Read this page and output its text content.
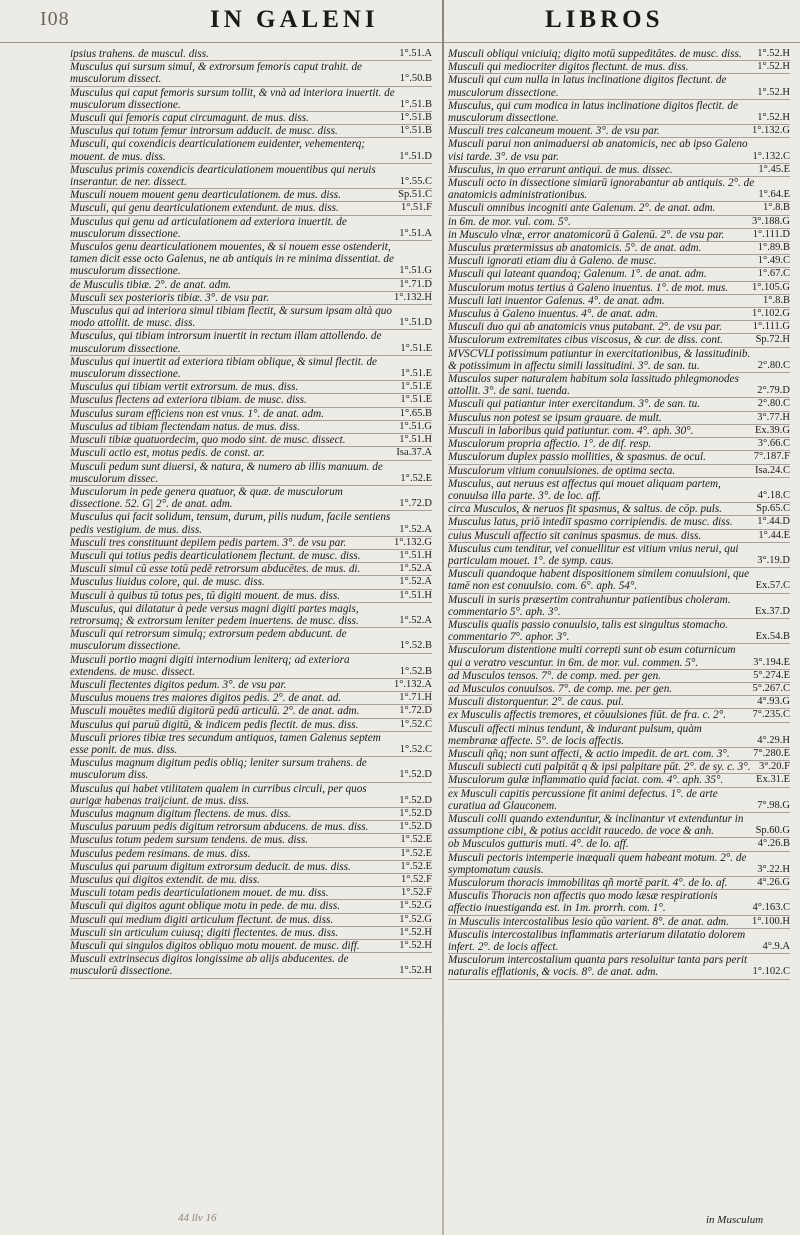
I08	IN GALENI	LIBROS
ipsius trahens. de muscul. diss.	1°.51.A
Musculus qui sursum simul, & extrorsum femoris caput trahit. de musculorum dissect.	1°.50.B
Musculus qui caput femoris sursum tollit, & vnà ad interiora inuertit. de musculorum dissectione.	1°.51.B
Musculi qui femoris caput circumagunt. de mus. diss.	1°.51.B
Musculus qui totum femur introrsum adducit. de musc. diss.	1°.51.B
Musculi, qui coxendicis dearticulationem euidenter, vehementerq; mouent. de mus. diss.	1°.51.D
Musculus primis coxendicis dearticulationem mouentibus qui neruis inserantur. de ner. dissect.	1°.55.C
Musculi nouem mouent genu dearticulationem. de mus. diss.	Sp.51.C
Musculi, qui genu dearticulationem extendunt. de mus. diss.	1°.51.F
Musculus qui genu ad articulationem ad exteriora inuertit. de musculorum dissectione.	1°.51.A
Musculos genu dearticulationem mouentes, & si nouem esse ostenderit, tamen dicit esse octo Galenus, ne ab antiquis in re minima dissentiat. de musculorum dissectione.	1°.51.G
de Musculis tibiæ. 2°. de anat. adm.	1°.71.D
Musculi sex posterioris tibiæ. 3°. de vsu par.	1°.132.H
Musculus qui ad interiora simul tibiam flectit, & sursum ipsam altà quo modo attollit. de musc. diss.	1°.51.D
Musculus, qui tibiam introrsum inuertit in rectum illam attollendo. de musculorum dissectione.	1°.51.E
Musculus qui inuertit ad exteriora tibiam oblique, & simul flectit. de musculorum dissectione.	1°.51.E
Musculus qui tibiam vertit extrorsum. de mus. diss.	1°.51.E
Musculus flectens ad exteriora tibiam. de musc. diss.	1°.51.E
Musculus suram efficiens non est vnus. 1°. de anat. adm.	1°.65.B
Musculus ad tibiam flectendam natus. de mus. diss.	1°.51.G
Musculi tibiæ quatuordecim, quo modo sint. de musc. dissect.	1°.51.H
Musculi actio est, motus pedis. de const. ar.	Isa.37.A
Musculi pedum sunt diuersi, & natura, & numero ab illis manuum. de musculorum dissec.	1°.52.E
Musculorum in pede genera quatuor, & quæ. de musculorum dissectione. 52. G| 2°. de anat. adm.	1°.72.D
Musculus qui facit solidum, tensum, durum, pilis nudum, facile sentiens pedis vestigium. de mus. diss.	1°.52.A
Musculi tres constituunt depilem pedis partem. 3°. de vsu par.	1°.132.G
Musculi qui totius pedis dearticulationem flectunt. de musc. diss.	1°.51.H
Musculi simul cū esse totū pedē retrorsum abducētes. de mus. di.	1°.52.A
Musculus liuidus colore, qui. de musc. diss.	1°.52.A
Musculi à quibus tū totus pes, tū digiti mouent. de mus. diss.	1°.51.H
Musculus, qui dilatatur à pede versus magni digiti partes magis, retrorsumq; & extrorsum leniter pedem inuertens. de musc. diss.	1°.52.A
Musculi qui retrorsum simulq; extrorsum pedem abducunt. de musculorum dissectione.	1°.52.B
Musculi portio magni digiti internodium leniterq; ad exteriora extendens. de musc. dissect.	1°.52.B
Musculi flectentes digitos pedum. 3°. de vsu par.	1°.132.A
Musculus mouens tres maiores digitos pedis. 2°. de anat. ad.	1°.71.H
Musculi mouētes mediū digitorū pedū articulū. 2°. de anat. adm.	1°.72.D
Musculus qui paruū digitū, & indicem pedis flectit. de mus. diss.	1°.52.C
Musculi priores tibiæ tres secundum antiquos, tamen Galenus septem esse ponit. de mus. diss.	1°.52.C
Musculus magnum digitum pedis obliq; leniter sursum trahens. de musculorum diss.	1°.52.D
Musculus qui habet vtilitatem qualem in curribus circuli, per quos aurigæ habenas traijciunt. de mus. diss.	1°.52.D
Musculus magnum digitum flectens. de mus. diss.	1°.52.D
Musculus paruum pedis digitum retrorsum abducens. de mus. diss.	1°.52.D
Musculus totum pedem sursum tendens. de mus. diss.	1°.52.E
Musculus pedem resimans. de mus. diss.	1°.52.E
Musculus qui paruum digitum extrorsum deducit. de mus. diss.	1°.52.E
Musculus qui digitos extendit. de mu. diss.	1°.52.F
Musculi totam pedis dearticulationem mouet. de mu. diss.	1°.52.F
Musculi qui digitos agunt oblique motu in pede. de mu. diss.	1°.52.G
Musculi qui medium digiti articulum flectunt. de mus. diss.	1°.52.G
Musculi sin articulum cuiusq; digiti flectentes. de mus. diss.	1°.52.H
Musculi qui singulos digitos obliquo motu mouent. de musc. diff.	1°.52.H
Musculi extrinsecus digitos longissime ab alijs abducentes. de musculorū dissectione.	1°.52.H
Musculi obliqui vniciuiq; digito motū suppeditātes. de musc. diss.	1°.52.H
Musculi qui mediocriter digitos flectunt. de mus. diss.	1°.52.H
Musculi qui cum nulla in latus inclinatione digitos flectunt. de musculorum dissectione.	1°.52.H
Musculus, qui cum modica in latus inclinatione digitos flectit. de musculorum dissectione.	1°.52.H
Musculi tres calcaneum mouent. 3°. de vsu par.	1°.132.G
Musculi parui non animaduersi ab anatomicis, nec ab ipso Galeno visi tarde. 3°. de vsu par.	1°.132.C
Musculus, in quo errarunt antiqui. de mus. dissec.	1°.45.E
Musculi octo in dissectione simiarū ignorabantur ab antiquis. 2°. de anatomicis administrationibus.	1°.64.E
Musculi omnibus incogniti ante Galenum. 2°. de anat. adm.	1°.8.B
in 6m. de mor. vul. com. 5°.	3°.188.G
in Musculo vlnæ, error anatomicorū ā Galenū. 2°. de vsu par.	1°.111.D
Musculus prætermissus ab anatomicis. 5°. de anat. adm.	1°.89.B
Musculi ignorati etiam diu à Galeno. de musc.	1°.49.C
Musculi qui lateant quandoq; Galenum. 1°. de anat. adm.	1°.67.C
Musculorum motus tertius à Galeno inuentus. 1°. de mot. mus.	1°.105.G
Musculi lati inuentor Galenus. 4°. de anat. adm.	1°.8.B
Musculus à Galeno inuentus. 4°. de anat. adm.	1°.102.G
Musculi duo qui ab anatomicis vnus putabant. 2°. de vsu par.	1°.111.G
Musculorum extremitates cibus viscosus, & cur. de diss. cont.	Sp.72.H
MVSCVLI potissimum patiuntur in exercitationibus, & lassitudinib. & potissimum in affectu simili lassitudini. 3°. de san. tu.	2°.80.C
Musculos super naturalem habitum sola lassitudo phlegmonodes attollit. 3°. de sani. tuenda.	2°.79.D
Musculi qui patiantur inter exercitandum. 3°. de san. tu.	2°.80.C
Musculus non potest se ipsum grauare. de mult.	3°.77.H
Musculi in laboribus quid patiuntur. com. 4°. aph. 30°.	Ex.39.G
Musculorum propria affectio. 1°. de dif. resp.	3°.66.C
Musculorum duplex passio mollities, & spasmus. de ocul.	7°.187.F
Musculorum vitium conuulsiones. de optima secta.	Isa.24.C
Musculus, aut neruus est affectus qui mouet aliquam partem, conuulsa illa parte. 3°. de loc. aff.	4°.18.C
circa Musculos, & neruos fit spasmus, & saltus. de cōp. puls.	Sp.65.C
Musculus latus, priō intediī spasmo corripiendis. de musc. diss.	1°.44.D
cuius Musculi affectio sit caninus spasmus. de mus. diss.	1°.44.E
Musculus cum tenditur, vel conuellitur est vitium vnius nerui, qui particulam mouet. 1°. de symp. caus.	3°.19.D
Musculi quandoque habent dispositionem similem conuulsioni, que tamē non est conuulsio. com. 6°. aph. 54°.	Ex.57.C
Musculi in suris præsertim contrahuntur patientibus choleram. commentario 5°. aph. 3°.	Ex.37.D
Musculis qualis passio conuulsio, talis est singultus stomacho. commentario 7°. aphor. 3°.	Ex.54.B
Musculorum distentione multi correpti sunt ob esum coturnicum qui a veratro vescuntur. in 6m. de mor. vul. commen. 5°.	3°.194.E
ad Musculos tensos. 7°. de comp. med. per gen.	5°.274.E
ad Musculos conuulsos. 7°. de comp. me. per gen.	5°.267.C
Musculi distorquentur. 2°. de caus. pul.	4°.93.G
ex Musculis affectis tremores, et cōuulsiones fiūt. de fra. c. 2°.	7°.235.C
Musculi affecti minus tendunt, & indurant pulsum, quàm membranæ affecte. 5°. de locis affectis.	4°.29.H
Musculi qñq; non sunt affecti, & actio impedit. de art. com. 3°.	7°.280.E
Musculi subiecti cuti palpitāt q & ipsi palpitare pūt. 2°. de sy. c. 3°. 3°.20.F
Musculorum gulæ inflammatio quid faciat. com. 4°. aph. 35°.	Ex.31.E
ex Musculi capitis percussione fit animi defectus. 1°. de arte curatiua ad Glauconem.	7°.98.G
Musculi colli quando extenduntur, & inclinantur vt extenduntur in assumptione cibi, & potius accidit raucedo. de voce & anh.	Sp.60.G
ob Musculos gutturis muti. 4°. de lo. aff.	4°.26.B
Musculi pectoris intemperie inæquali quem habeant motum. 2°. de symptomatum causis.	3°.22.H
Musculorum thoracis immobilitas qñ mortē parit. 4°. de lo. af.	4°.26.G
Musculis Thoracis non affectis quo modo læsæ respirationis affectio inuestiganda est. in 1m. prorrh. com. 1°.	4°.163.C
in Musculis intercostalibus lesio qūo varient. 8°. de anat. adm.	1°.100.H
Musculis intercostalibus inflammatis arteriarum dilatatio dolorem infert. 2°. de locis affect.	4°.9.A
Musculorum intercostalium quanta pars resoluitur tanta pars perit naturalis efflationis, & vocis. 8°. de anat. adm.	1°.102.C
44 llv 16	in Musculum
